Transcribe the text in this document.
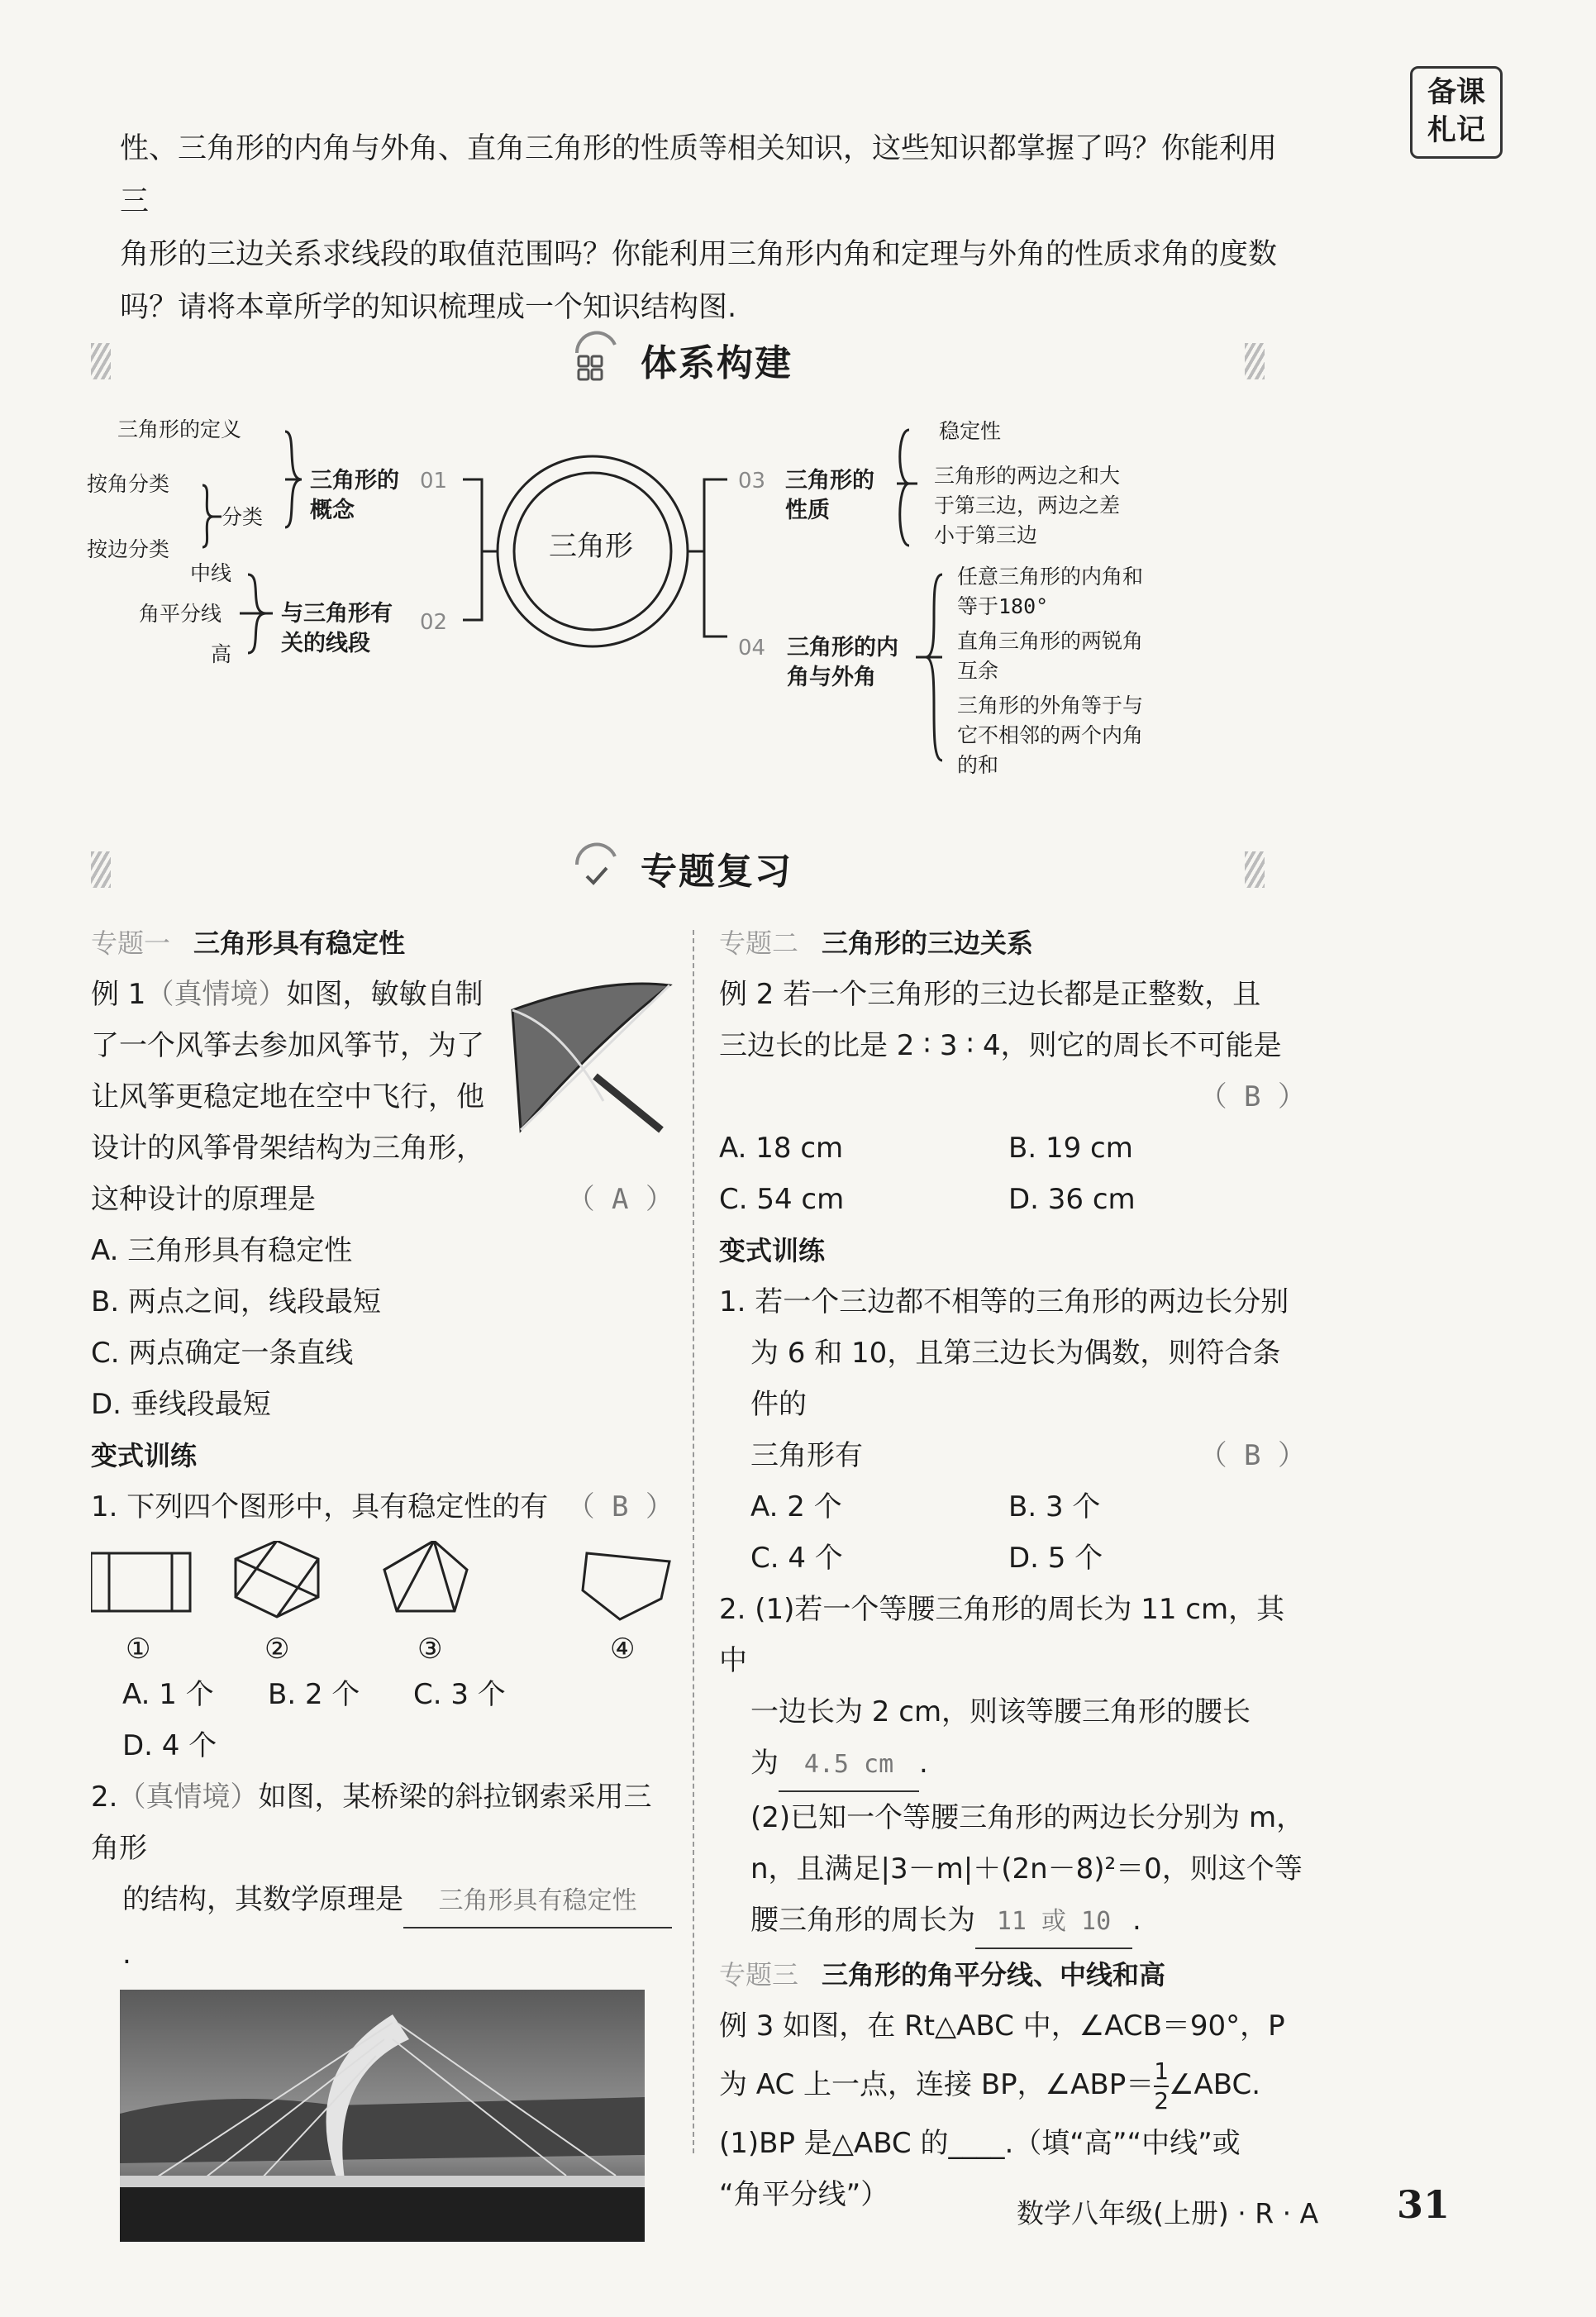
性、三角形的内角与外角、直角三角形的性质等相关知识，这些知识都掌握了吗？你能利用三

角形的三边关系求线段的取值范围吗？你能利用三角形内角和定理与外角的性质求角的度数

吗？请将本章所学的知识梳理成一个知识结构图.

备课
札记
体系构建
三角形
三角形的定义
按角分类
分类
按边分类
三角形的
概念
01
中线
角平分线
高
与三角形有
关的线段
02
03 三角形的
性质
稳定性
三角形的两边之和大
于第三边，两边之差
小于第三边
04 三角形的内
角与外角
任意三角形的内角和
等于180°
直角三角形的两锐角
互余
三角形的外角等于与
它不相邻的两个内角
的和
专题复习

专题一 三角形具有稳定性

例 1（真情境）如图，敏敏自制

了一个风筝去参加风筝节，为了

让风筝更稳定地在空中飞行，他

设计的风筝骨架结构为三角形，

这种设计的原理是	（ A ）

A. 三角形具有稳定性

B. 两点之间，线段最短

C. 两点确定一条直线

D. 垂线段最短

变式训练

1. 下列四个图形中，具有稳定性的有 （ B ）

①	②	③	④

A. 1 个 B. 2 个 C. 3 个D. 4 个

2.（真情境）如图，某桥梁的斜拉钢索采用三角形

的结构，其数学原理是 三角形具有稳定性.

专题二 三角形的三边关系

例 2 若一个三角形的三边长都是正整数，且

三边长的比是 2 ∶ 3 ∶ 4，则它的周长不可能是

（ B ）

A. 18 cm	B. 19 cm

C. 54 cm	D. 36 cm

变式训练

1. 若一个三边都不相等的三角形的两边长分别

为 6 和 10，且第三边长为偶数，则符合条件的

三角形有	（ B ）

A. 2 个	B. 3 个

C. 4 个	D. 5 个

2. (1)若一个等腰三角形的周长为 11 cm，其中

一边长为 2 cm，则该等腰三角形的腰长

为 4.5 cm .

(2)已知一个等腰三角形的两边长分别为 m，

n，且满足|3－m|＋(2n－8)²＝0，则这个等

腰三角形的周长为 11 或 10 .

专题三 三角形的角平分线、中线和高

例 3 如图，在 Rt△ABC 中，∠ACB＝90°，P

为 AC 上一点，连接 BP，∠ABP＝ $\frac{1}{2}$ ∠ABC.

(1)BP 是△ABC 的____.（填“高”“中线”或

“角平分线”）

数学八年级(上册) · R · A 31
